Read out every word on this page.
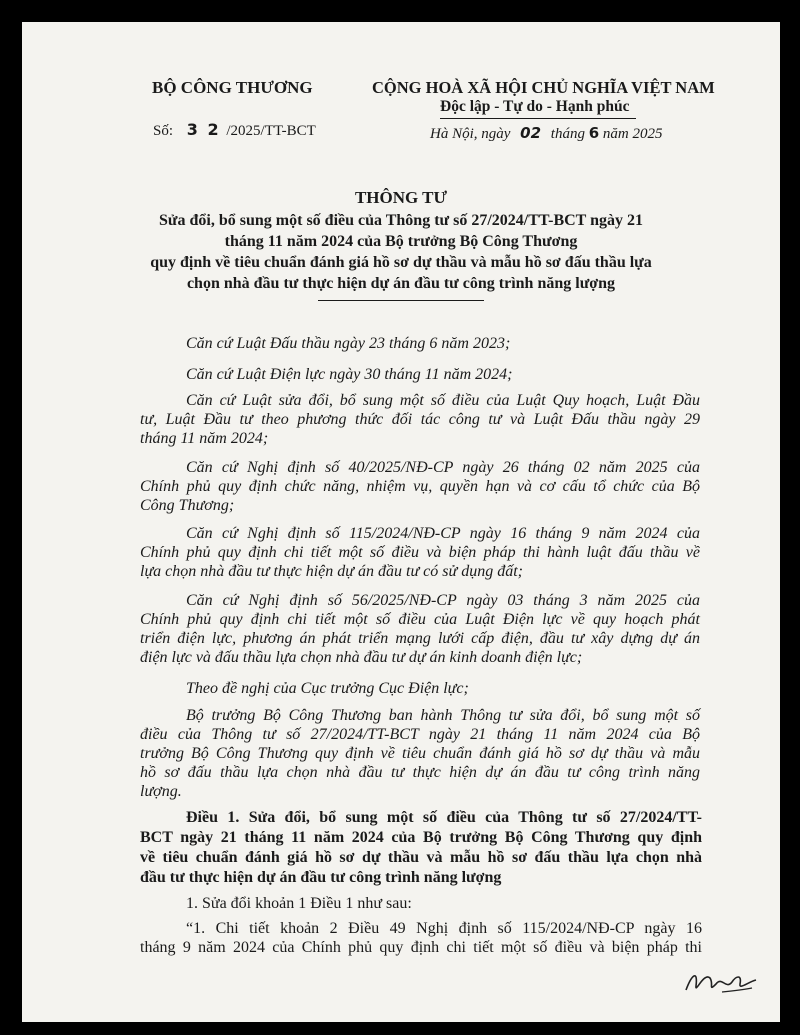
BỘ CÔNG THƯƠNG
Số: 3 2 /2025/TT-BCT
CỘNG HOÀ XÃ HỘI CHỦ NGHĨA VIỆT NAM
Độc lập - Tự do - Hạnh phúc
Hà Nội, ngày 02 tháng 6 năm 2025
THÔNG TƯ
Sửa đổi, bổ sung một số điều của Thông tư số 27/2024/TT-BCT ngày 21
tháng 11 năm 2024 của Bộ trưởng Bộ Công Thương
quy định về tiêu chuẩn đánh giá hồ sơ dự thầu và mẫu hồ sơ đấu thầu lựa
chọn nhà đầu tư thực hiện dự án đầu tư công trình năng lượng
Căn cứ Luật Đấu thầu ngày 23 tháng 6 năm 2023;
Căn cứ Luật Điện lực ngày 30 tháng 11 năm 2024;
Căn cứ Luật sửa đổi, bổ sung một số điều của Luật Quy hoạch, Luật Đầu
tư, Luật Đầu tư theo phương thức đối tác công tư và Luật Đấu thầu ngày 29
tháng 11 năm 2024;
Căn cứ Nghị định số 40/2025/NĐ-CP ngày 26 tháng 02 năm 2025 của
Chính phủ quy định chức năng, nhiệm vụ, quyền hạn và cơ cấu tổ chức của Bộ
Công Thương;
Căn cứ Nghị định số 115/2024/NĐ-CP ngày 16 tháng 9 năm 2024 của
Chính phủ quy định chi tiết một số điều và biện pháp thi hành luật đấu thầu về
lựa chọn nhà đầu tư thực hiện dự án đầu tư có sử dụng đất;
Căn cứ Nghị định số 56/2025/NĐ-CP ngày 03 tháng 3 năm 2025 của
Chính phủ quy định chi tiết một số điều của Luật Điện lực về quy hoạch phát
triển điện lực, phương án phát triển mạng lưới cấp điện, đầu tư xây dựng dự án
điện lực và đấu thầu lựa chọn nhà đầu tư dự án kinh doanh điện lực;
Theo đề nghị của Cục trưởng Cục Điện lực;
Bộ trưởng Bộ Công Thương ban hành Thông tư sửa đổi, bổ sung một số
điều của Thông tư số 27/2024/TT-BCT ngày 21 tháng 11 năm 2024 của Bộ
trưởng Bộ Công Thương quy định về tiêu chuẩn đánh giá hồ sơ dự thầu và mẫu
hồ sơ đấu thầu lựa chọn nhà đầu tư thực hiện dự án đầu tư công trình năng
lượng.
Điều 1. Sửa đổi, bổ sung một số điều của Thông tư số 27/2024/TT-
BCT ngày 21 tháng 11 năm 2024 của Bộ trưởng Bộ Công Thương quy định
về tiêu chuẩn đánh giá hồ sơ dự thầu và mẫu hồ sơ đấu thầu lựa chọn nhà
đầu tư thực hiện dự án đầu tư công trình năng lượng
1. Sửa đổi khoản 1 Điều 1 như sau:
“1. Chi tiết khoản 2 Điều 49 Nghị định số 115/2024/NĐ-CP ngày 16
tháng 9 năm 2024 của Chính phủ quy định chi tiết một số điều và biện pháp thi
